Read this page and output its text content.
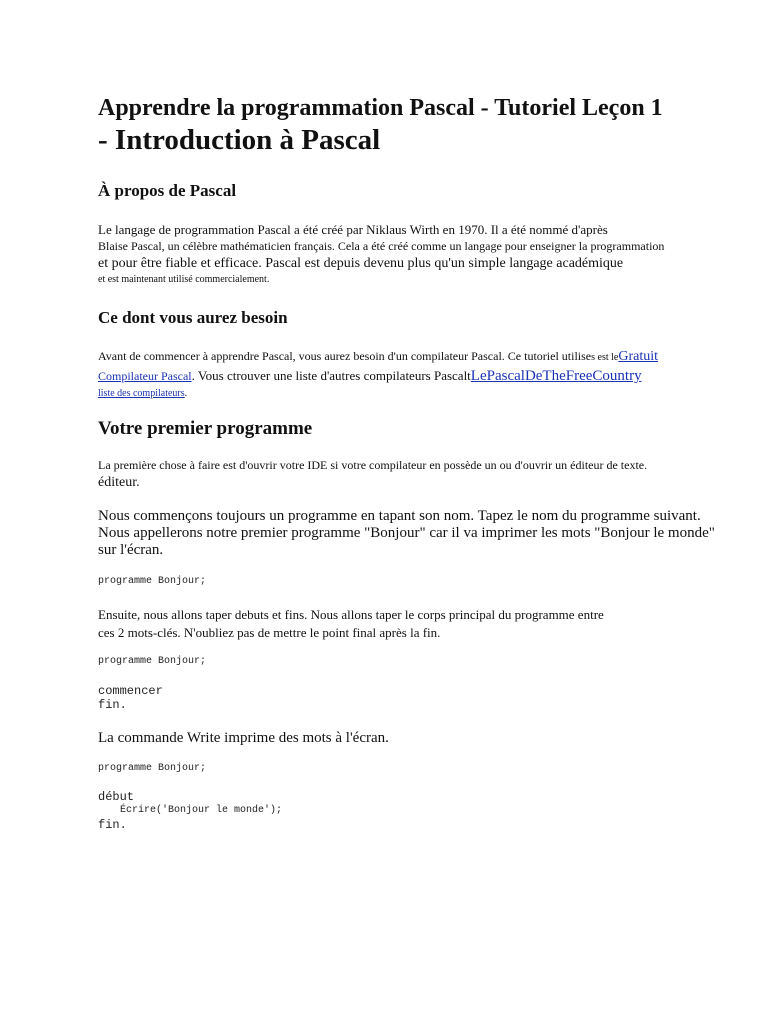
Apprendre la programmation Pascal - Tutoriel Leçon 1
- Introduction à Pascal
À propos de Pascal
Le langage de programmation Pascal a été créé par Niklaus Wirth en 1970. Il a été nommé d'après
Blaise Pascal, un célèbre mathématicien français. Cela a été créé comme un langage pour enseigner la programmation
et pour être fiable et efficace. Pascal est depuis devenu plus qu'un simple langage académique
et est maintenant utilisé commercialement.
Ce dont vous aurez besoin
Avant de commencer à apprendre Pascal, vous aurez besoin d'un compilateur Pascal. Ce tutoriel utilises est leGratuit
Compilateur Pascal. Vous ctrouver une liste d'autres compilateurs PascaltLePascalDeTheFreeCountry
liste des compilateurs.
Votre premier programme
La première chose à faire est d'ouvrir votre IDE si votre compilateur en possède un ou d'ouvrir un éditeur de texte.
éditeur.
Nous commençons toujours un programme en tapant son nom. Tapez le nom du programme suivant.
Nous appellerons notre premier programme "Bonjour" car il va imprimer les mots "Bonjour le monde"
sur l'écran.
programme Bonjour;
Ensuite, nous allons taper debuts et fins. Nous allons taper le corps principal du programme entre
ces 2 mots-clés. N'oubliez pas de mettre le point final après la fin.
programme Bonjour;
commencer
fin.
La commande Write imprime des mots à l'écran.
programme Bonjour;
début
Écrire('Bonjour le monde');
fin.
